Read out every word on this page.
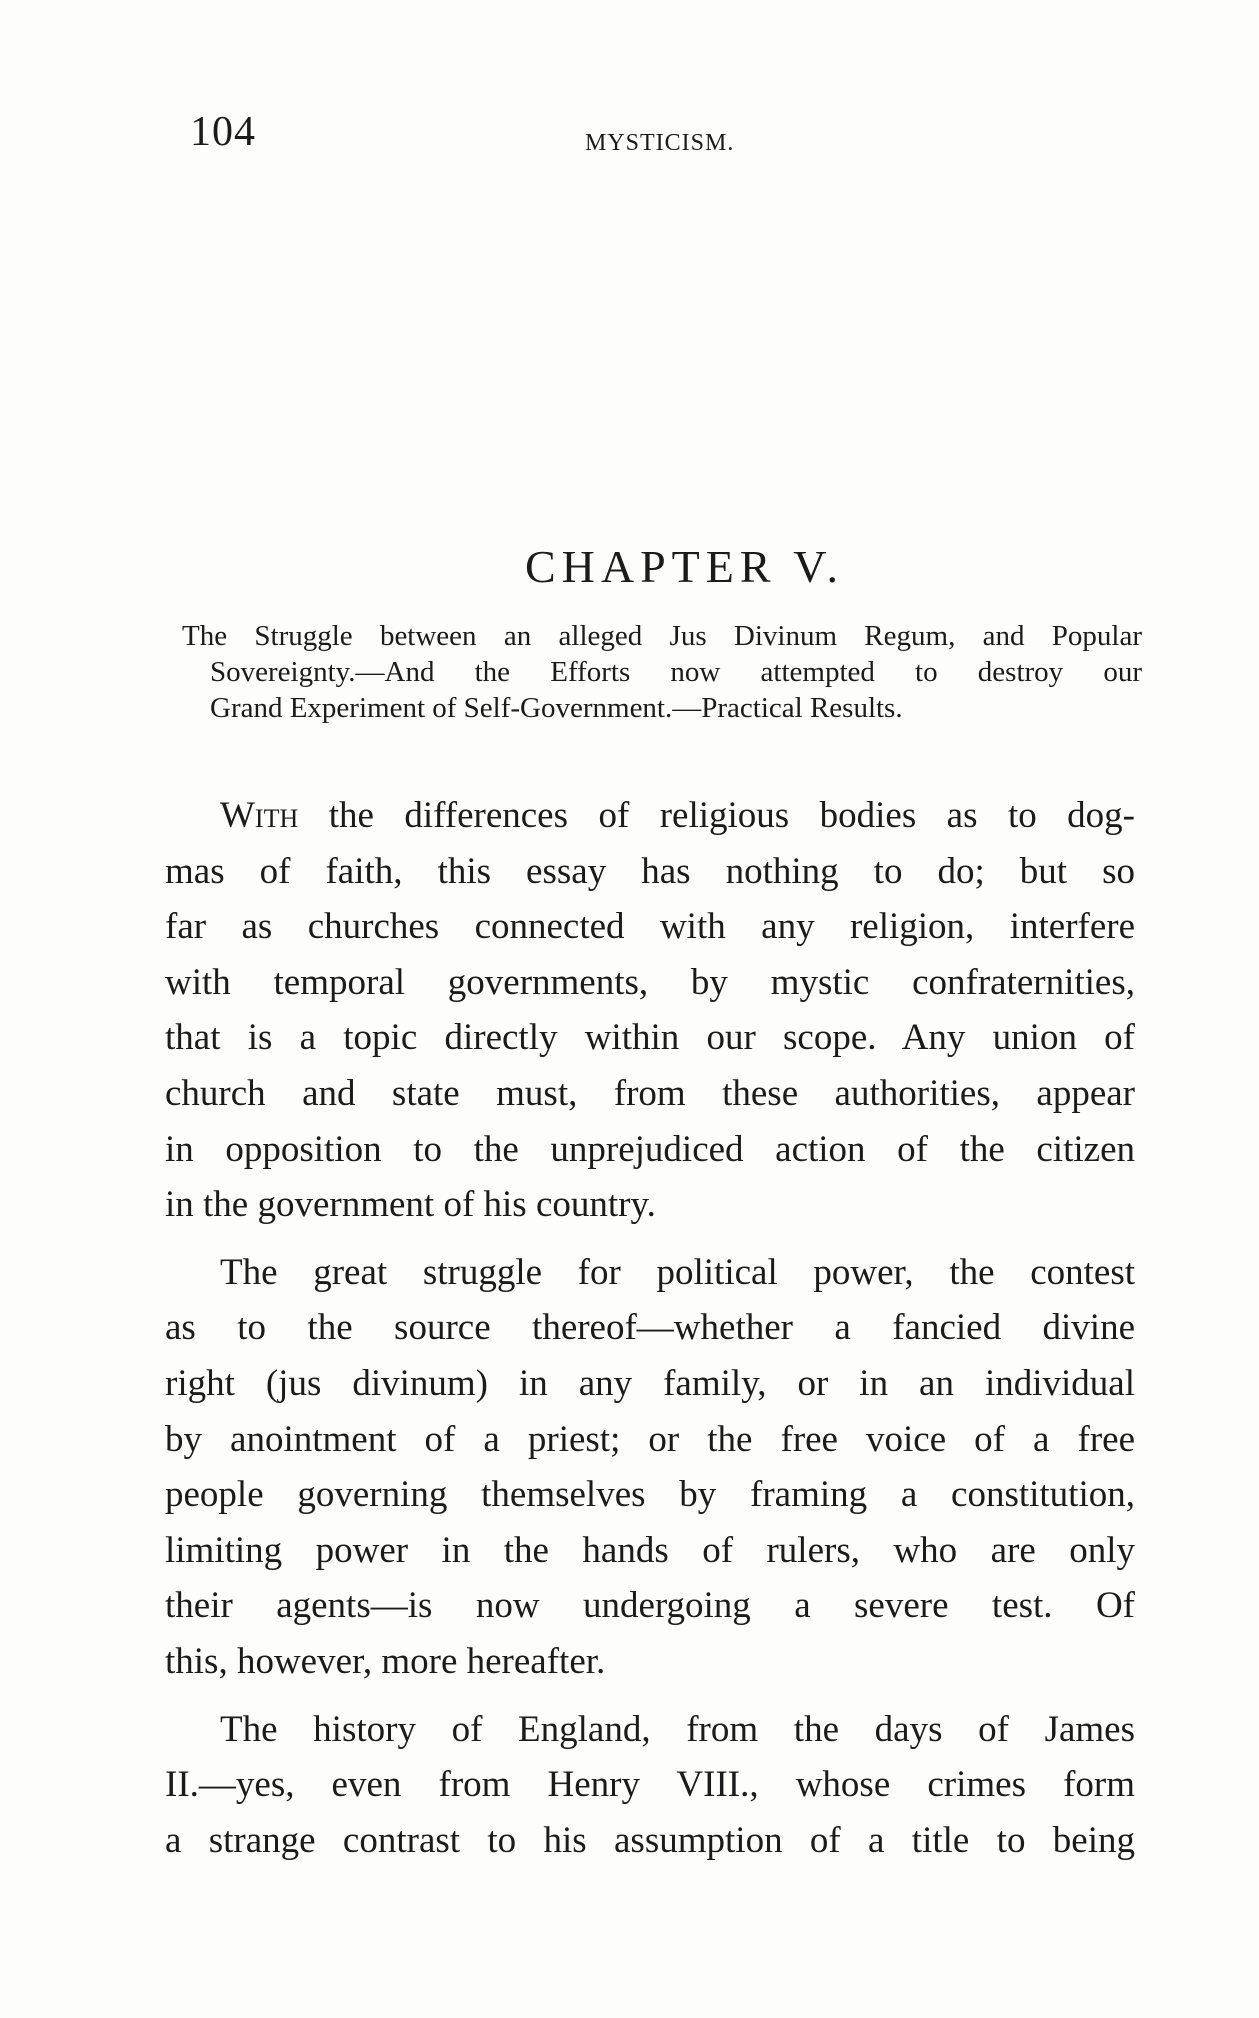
104	MYSTICISM.
CHAPTER V.
The Struggle between an alleged Jus Divinum Regum, and Popular
Sovereignty.—And the Efforts now attempted to destroy our
Grand Experiment of Self-Government.—Practical Results.
With the differences of religious bodies as to dog-
mas of faith, this essay has nothing to do; but so
far as churches connected with any religion, interfere
with temporal governments, by mystic confraternities,
that is a topic directly within our scope. Any union of
church and state must, from these authorities, appear
in opposition to the unprejudiced action of the citizen
in the government of his country.
The great struggle for political power, the contest
as to the source thereof—whether a fancied divine
right (jus divinum) in any family, or in an individual
by anointment of a priest; or the free voice of a free
people governing themselves by framing a constitution,
limiting power in the hands of rulers, who are only
their agents—is now undergoing a severe test. Of
this, however, more hereafter.
The history of England, from the days of James
II.—yes, even from Henry VIII., whose crimes form
a strange contrast to his assumption of a title to being
